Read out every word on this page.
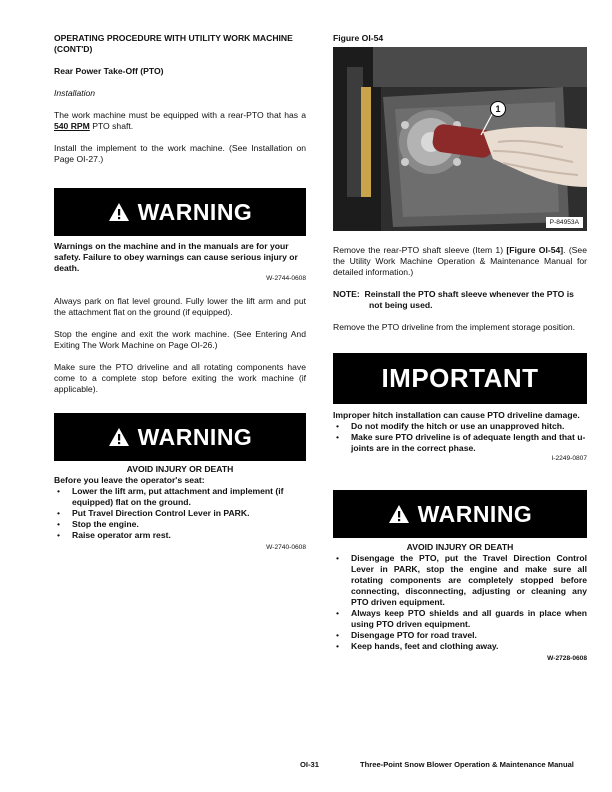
OPERATING PROCEDURE WITH UTILITY WORK MACHINE (CONT'D)
Rear Power Take-Off (PTO)
Installation

The work machine must be equipped with a rear-PTO that has a 540 RPM PTO shaft.

Install the implement to the work machine. (See Installation on Page OI-27.)

WARNING
Warnings on the machine and in the manuals are for your safety. Failure to obey warnings can cause serious injury or death.
W-2744-0608

Always park on flat level ground. Fully lower the lift arm and put the attachment flat on the ground (if equipped).

Stop the engine and exit the work machine. (See Entering And Exiting The Work Machine on Page OI-26.)

Make sure the PTO driveline and all rotating components have come to a complete stop before exiting the work machine (if applicable).

WARNING
AVOID INJURY OR DEATH
Before you leave the operator's seat:
• Lower the lift arm, put attachment and implement (if equipped) flat on the ground.
• Put Travel Direction Control Lever in PARK.
• Stop the engine.
• Raise operator arm rest.
W-2740-0608
Figure OI-54
1
P-84953A

Remove the rear-PTO shaft sleeve (Item 1) [Figure OI-54]. (See the Utility Work Machine Operation & Maintenance Manual for detailed information.)

NOTE: Reinstall the PTO shaft sleeve whenever the PTO is not being used.

Remove the PTO driveline from the implement storage position.

IMPORTANT
Improper hitch installation can cause PTO driveline damage.
• Do not modify the hitch or use an unapproved hitch.
• Make sure PTO driveline is of adequate length and that u-joints are in the correct phase.
I-2249-0807
WARNING
AVOID INJURY OR DEATH
• Disengage the PTO, put the Travel Direction Control Lever in PARK, stop the engine and make sure all rotating components are completely stopped before connecting, disconnecting, adjusting or cleaning any PTO driven equipment.
• Always keep PTO shields and all guards in place when using PTO driven equipment.
• Disengage PTO for road travel.
• Keep hands, feet and clothing away.
W-2728-0608
OI-31	Three-Point Snow Blower Operation & Maintenance Manual
